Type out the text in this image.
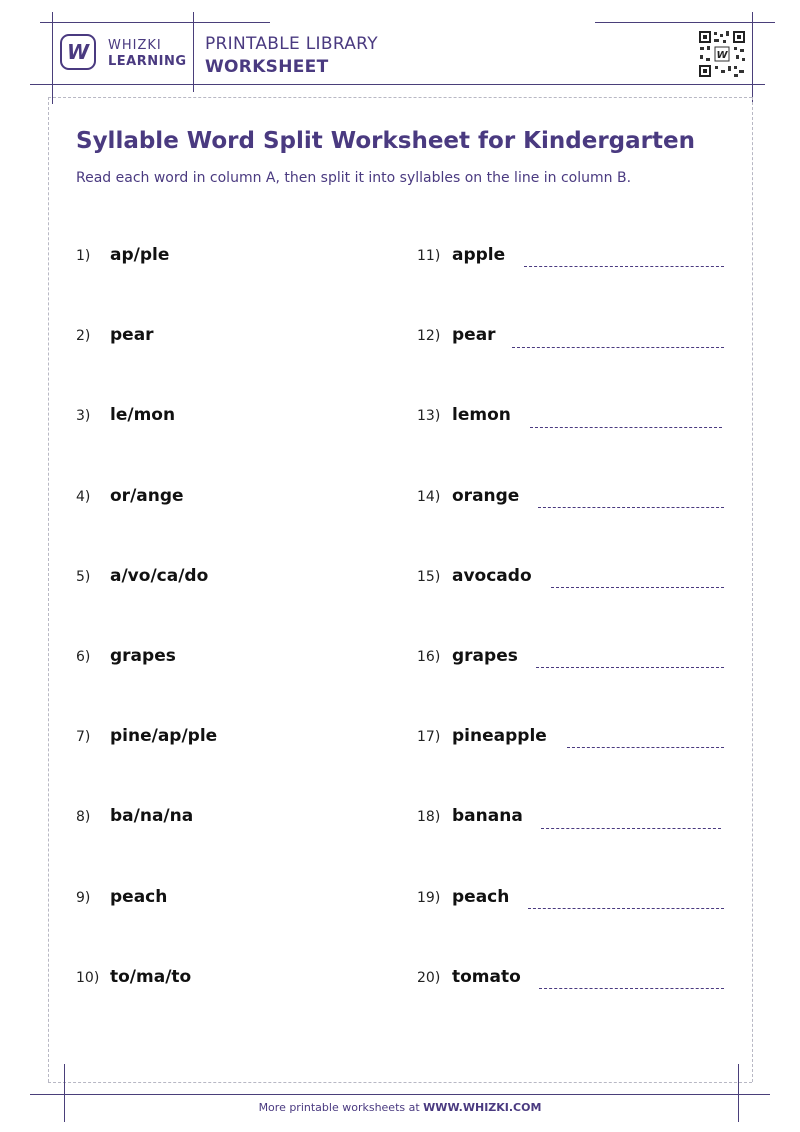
W WHIZKI
LEARNING
PRINTABLE LIBRARY
WORKSHEET
W
Syllable Word Split Worksheet for Kindergarten
Read each word in column A, then split it into syllables on the line in column B.
1) ap/ple
2) pear
3) le/mon
4) or/ange
5) a/vo/ca/do
6) grapes
7) pine/ap/ple
8) ba/na/na
9) peach
10) to/ma/to
11) apple
12) pear
13) lemon
14) orange
15) avocado
16) grapes
17) pineapple
18) banana
19) peach
20) tomato
More printable worksheets at WWW.WHIZKI.COM
